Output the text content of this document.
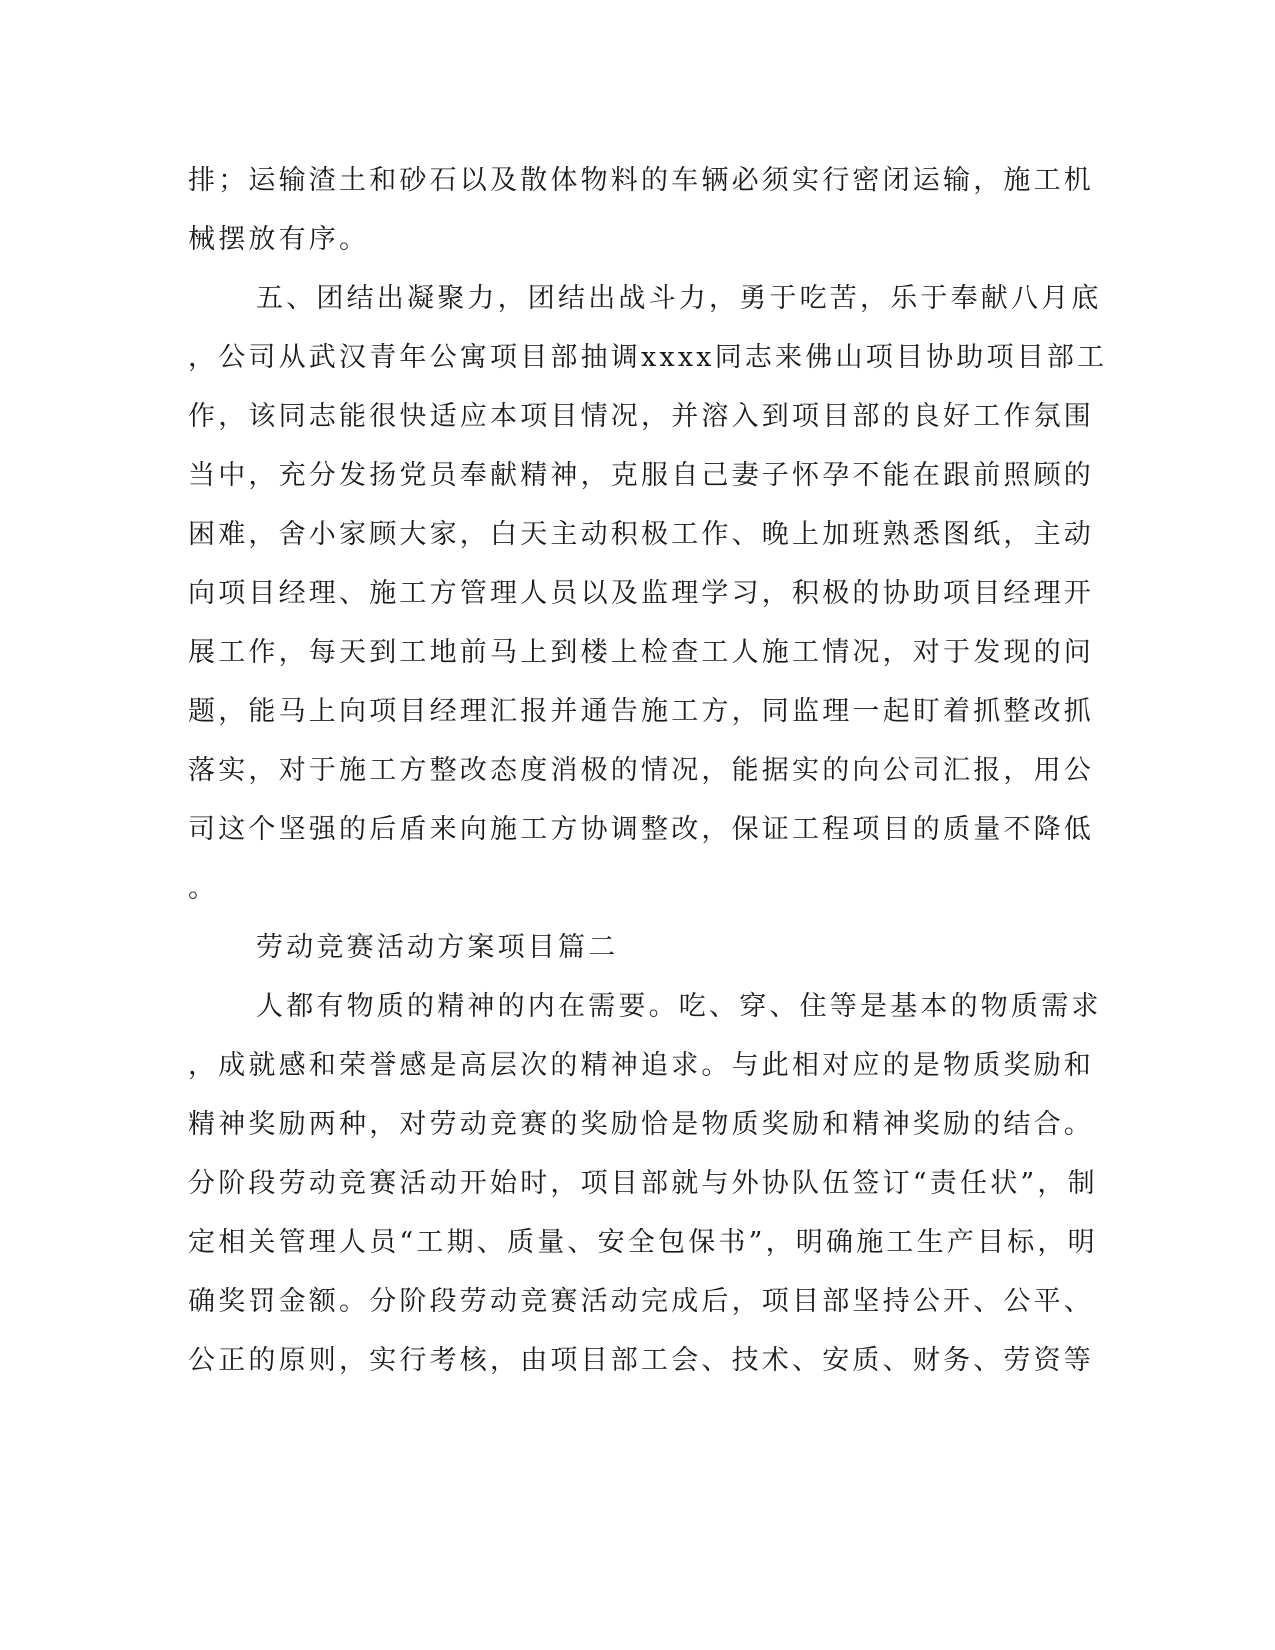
排；运输渣土和砂石以及散体物料的车辆必须实行密闭运输，施工机
械摆放有序。
五、团结出凝聚力，团结出战斗力，勇于吃苦，乐于奉献八月底
，公司从武汉青年公寓项目部抽调xxxx同志来佛山项目协助项目部工
作，该同志能很快适应本项目情况，并溶入到项目部的良好工作氛围
当中，充分发扬党员奉献精神，克服自己妻子怀孕不能在跟前照顾的
困难，舍小家顾大家，白天主动积极工作、晚上加班熟悉图纸，主动
向项目经理、施工方管理人员以及监理学习，积极的协助项目经理开
展工作，每天到工地前马上到楼上检查工人施工情况，对于发现的问
题，能马上向项目经理汇报并通告施工方，同监理一起盯着抓整改抓
落实，对于施工方整改态度消极的情况，能据实的向公司汇报，用公
司这个坚强的后盾来向施工方协调整改，保证工程项目的质量不降低
。
劳动竞赛活动方案项目篇二
人都有物质的精神的内在需要。吃、穿、住等是基本的物质需求
，成就感和荣誉感是高层次的精神追求。与此相对应的是物质奖励和
精神奖励两种，对劳动竞赛的奖励恰是物质奖励和精神奖励的结合。
分阶段劳动竞赛活动开始时，项目部就与外协队伍签订“责任状”，制
定相关管理人员“工期、质量、安全包保书”，明确施工生产目标，明
确奖罚金额。分阶段劳动竞赛活动完成后，项目部坚持公开、公平、
公正的原则，实行考核，由项目部工会、技术、安质、财务、劳资等
